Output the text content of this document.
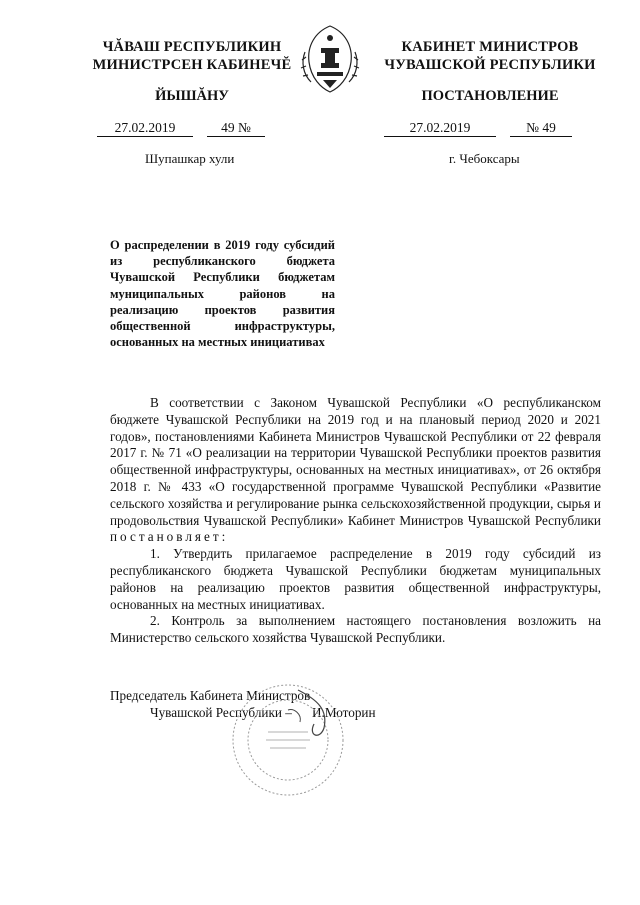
ЧĂВАШ РЕСПУБЛИКИН
МИНИСТРСЕН КАБИНЕЧĔ
ЙЫШĂНУ
КАБИНЕТ МИНИСТРОВ
ЧУВАШСКОЙ РЕСПУБЛИКИ
ПОСТАНОВЛЕНИЕ
27.02.2019	49 №	27.02.2019	№ 49
Шупашкар хули	г. Чебоксары

О распределении в 2019 году субсидий из республиканского бюджета Чувашской Республики бюджетам муниципальных районов на реализацию проектов развития общественной инфраструктуры, основанных на местных инициативах

В соответствии с Законом Чувашской Республики «О республиканском бюджете Чувашской Республики на 2019 год и на плановый период 2020 и 2021 годов», постановлениями Кабинета Министров Чувашской Республики от 22 февраля 2017 г. № 71 «О реализации на территории Чувашской Республики проектов развития общественной инфраструктуры, основанных на местных инициативах», от 26 октября 2018 г. № 433 «О государственной программе Чувашской Республики «Развитие сельского хозяйства и регулирование рынка сельскохозяйственной продукции, сырья и продовольствия Чувашской Республики» Кабинет Министров Чувашской Республики постановляет:

1. Утвердить прилагаемое распределение в 2019 году субсидий из республиканского бюджета Чувашской Республики бюджетам муниципальных районов на реализацию проектов развития общественной инфраструктуры, основанных на местных инициативах.

2. Контроль за выполнением настоящего постановления возложить на Министерство сельского хозяйства Чувашской Республики.

Председатель Кабинета Министров
Чувашской Республики – И.Моторин
